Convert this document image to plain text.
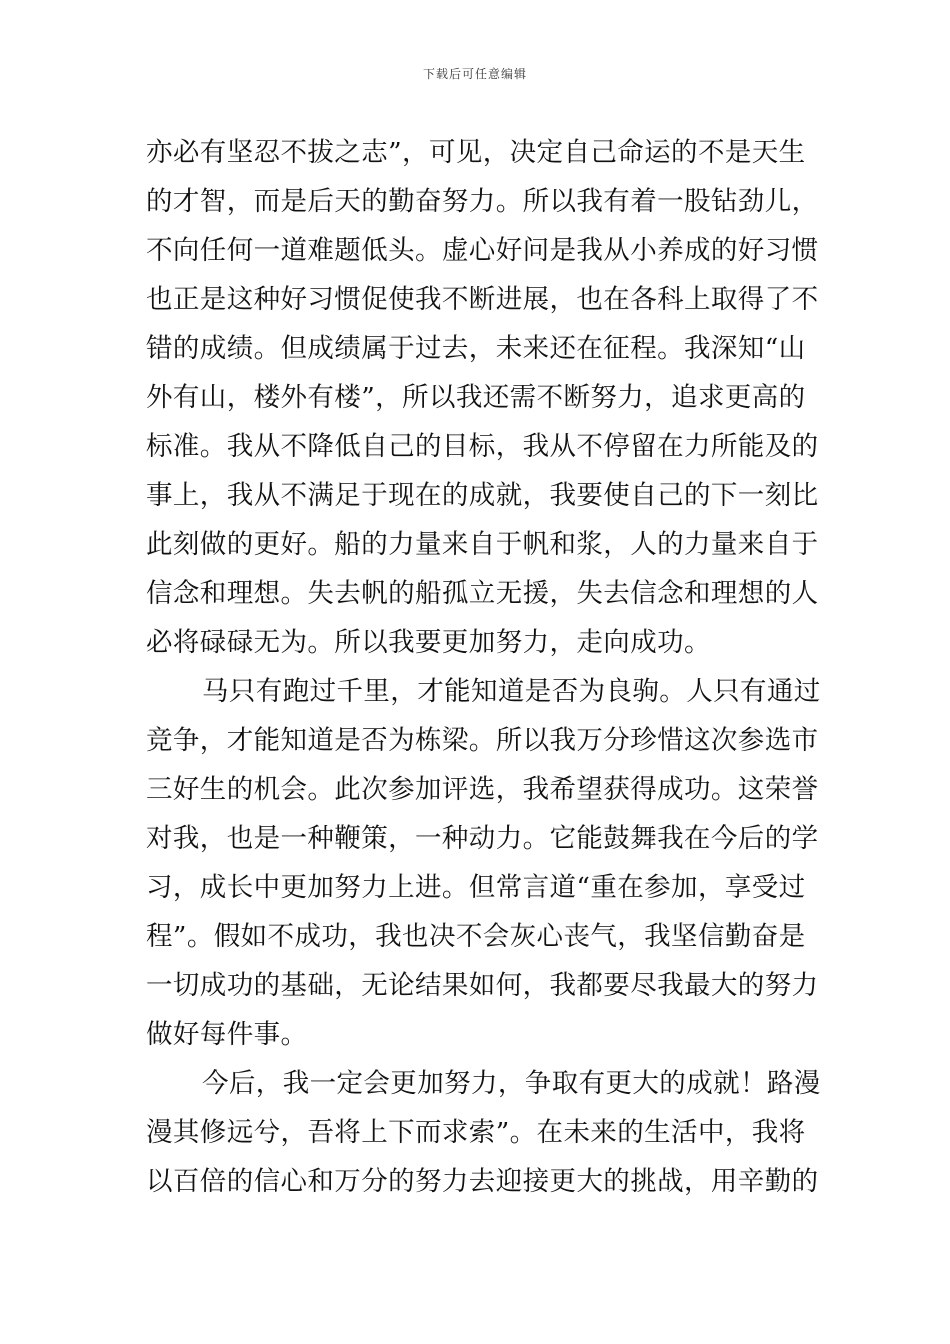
下载后可任意编辑
亦必有坚忍不拔之志”，可见，决定自己命运的不是天生
的才智，而是后天的勤奋努力。所以我有着一股钻劲儿，
不向任何一道难题低头。虚心好问是我从小养成的好习惯
也正是这种好习惯促使我不断进展，也在各科上取得了不
错的成绩。但成绩属于过去，未来还在征程。我深知“山
外有山，楼外有楼”，所以我还需不断努力，追求更高的
标准。我从不降低自己的目标，我从不停留在力所能及的
事上，我从不满足于现在的成就，我要使自己的下一刻比
此刻做的更好。船的力量来自于帆和浆，人的力量来自于
信念和理想。失去帆的船孤立无援，失去信念和理想的人
必将碌碌无为。所以我要更加努力，走向成功。
马只有跑过千里，才能知道是否为良驹。人只有通过
竞争，才能知道是否为栋梁。所以我万分珍惜这次参选市
三好生的机会。此次参加评选，我希望获得成功。这荣誉
对我，也是一种鞭策，一种动力。它能鼓舞我在今后的学
习，成长中更加努力上进。但常言道“重在参加，享受过
程”。假如不成功，我也决不会灰心丧气，我坚信勤奋是
一切成功的基础，无论结果如何，我都要尽我最大的努力
做好每件事。
今后，我一定会更加努力，争取有更大的成就！路漫
漫其修远兮，吾将上下而求索”。在未来的生活中，我将
以百倍的信心和万分的努力去迎接更大的挑战，用辛勤的
